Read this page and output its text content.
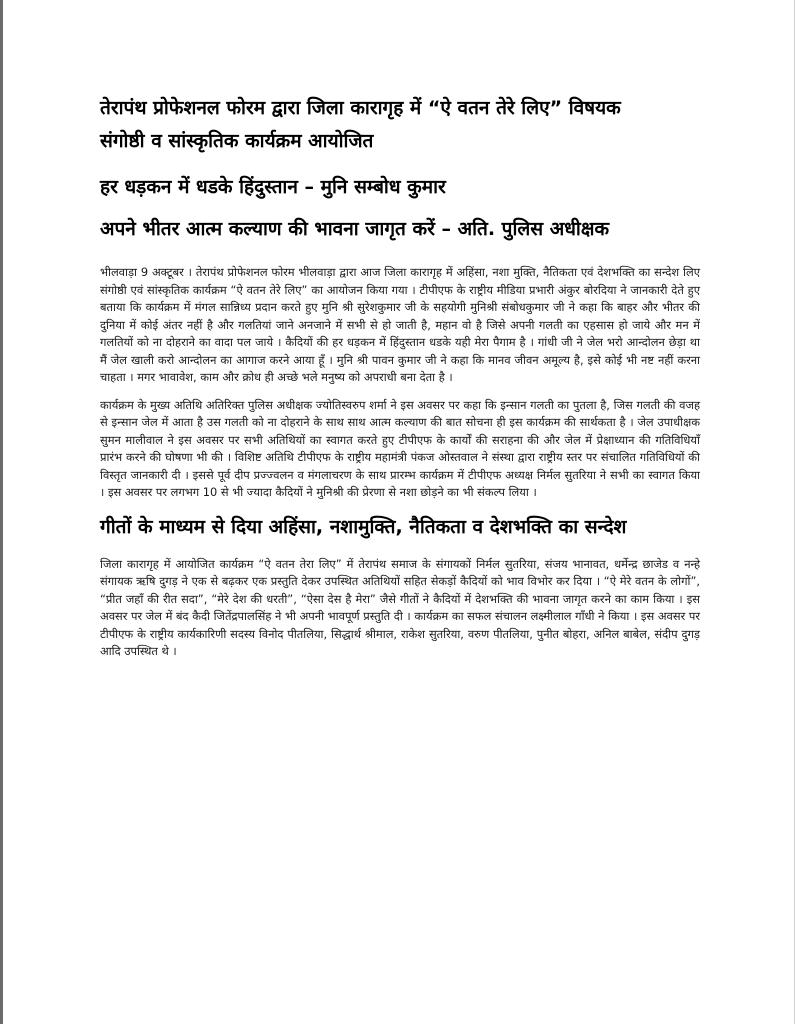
तेरापंथ प्रोफेशनल फोरम द्वारा जिला कारागृह में “ऐ वतन तेरे लिए” विषयक
संगोष्ठी व सांस्कृतिक कार्यक्रम आयोजित
हर धड़कन में धडके हिंदुस्तान – मुनि सम्बोध कुमार
अपने भीतर आत्म कल्याण की भावना जागृत करें – अति. पुलिस अधीक्षक

भीलवाड़ा 9 अक्टूबर । तेरापंथ प्रोफेशनल फोरम भीलवाड़ा द्वारा आज जिला कारागृह में अहिंसा, नशा मुक्ति, नैतिकता एवं देशभक्ति का सन्देश लिए संगोष्ठी एवं सांस्कृतिक कार्यक्रम “ऐ वतन तेरे लिए” का आयोजन किया गया । टीपीएफ के राष्ट्रीय मीडिया प्रभारी अंकुर बोरदिया ने जानकारी देते हुए बताया कि कार्यक्रम में मंगल सान्निध्य प्रदान करते हुए मुनि श्री सुरेशकुमार जी के सहयोगी मुनिश्री संबोधकुमार जी ने कहा कि बाहर और भीतर की दुनिया में कोई अंतर नहीं है और गलतियां जाने अनजाने में सभी से हो जाती है, महान वो है जिसे अपनी गलती का एहसास हो जाये और मन में गलतियों को ना दोहराने का वादा पल जाये । कैदियों की हर धड़कन में हिंदुस्तान धडके यही मेरा पैगाम है । गांधी जी ने जेल भरो आन्दोलन छेड़ा था मैं जेल खाली करो आन्दोलन का आगाज करने आया हूँ । मुनि श्री पावन कुमार जी ने कहा कि मानव जीवन अमूल्य है, इसे कोई भी नष्ट नहीं करना चाहता । मगर भावावेश, काम और क्रोध ही अच्छे भले मनुष्य को अपराधी बना देता है ।

कार्यक्रम के मुख्य अतिथि अतिरिक्त पुलिस अधीक्षक ज्योतिस्वरुप शर्मा ने इस अवसर पर कहा कि इन्सान गलती का पुतला है, जिस गलती की वजह से इन्सान जेल में आता है उस गलती को ना दोहराने के साथ साथ आत्म कल्याण की बात सोचना ही इस कार्यक्रम की सार्थकता है । जेल उपाधीक्षक सुमन मालीवाल ने इस अवसर पर सभी अतिथियों का स्वागत करते हुए टीपीएफ के कार्यों की सराहना की और जेल में प्रेक्षाध्यान की गतिविधियाँ प्रारंभ करने की घोषणा भी की । विशिष्ट अतिथि टीपीएफ के राष्ट्रीय महामंत्री पंकज ओस्तवाल ने संस्था द्वारा राष्ट्रीय स्तर पर संचालित गतिविधियों की विस्तृत जानकारी दी । इससे पूर्व दीप प्रज्ज्वलन व मंगलाचरण के साथ प्रारम्भ कार्यक्रम में टीपीएफ अध्यक्ष निर्मल सुतरिया ने सभी का स्वागत किया । इस अवसर पर लगभग 10 से भी ज्यादा कैदियों ने मुनिश्री की प्रेरणा से नशा छोड़ने का भी संकल्प लिया ।

गीतों के माध्यम से दिया अहिंसा, नशामुक्ति, नैतिकता व देशभक्ति का सन्देश

जिला कारागृह में आयोजित कार्यक्रम “ऐ वतन तेरा लिए” में तेरापंथ समाज के संगायकों निर्मल सुतरिया, संजय भानावत, धर्मेन्द्र छाजेड व नन्हे संगायक ऋषि दुगड़ ने एक से बढ़कर एक प्रस्तुति देकर उपस्थित अतिथियों सहित सेकड़ों कैदियों को भाव विभोर कर दिया । “ऐ मेरे वतन के लोगों”, “प्रीत जहाँ की रीत सदा”, “मेरे देश की धरती”, “ऐसा देस है मेरा” जैसे गीतों ने कैदियों में देशभक्ति की भावना जागृत करने का काम किया । इस अवसर पर जेल में बंद कैदी जितेंद्रपालसिंह ने भी अपनी भावपूर्ण प्रस्तुति दी । कार्यक्रम का सफल संचालन लक्ष्मीलाल गाँधी ने किया । इस अवसर पर टीपीएफ के राष्ट्रीय कार्यकारिणी सदस्य विनोद पीतलिया, सिद्धार्थ श्रीमाल, राकेश सुतरिया, वरुण पीतलिया, पुनीत बोहरा, अनिल बाबेल, संदीप दुगड़ आदि उपस्थित थे ।
